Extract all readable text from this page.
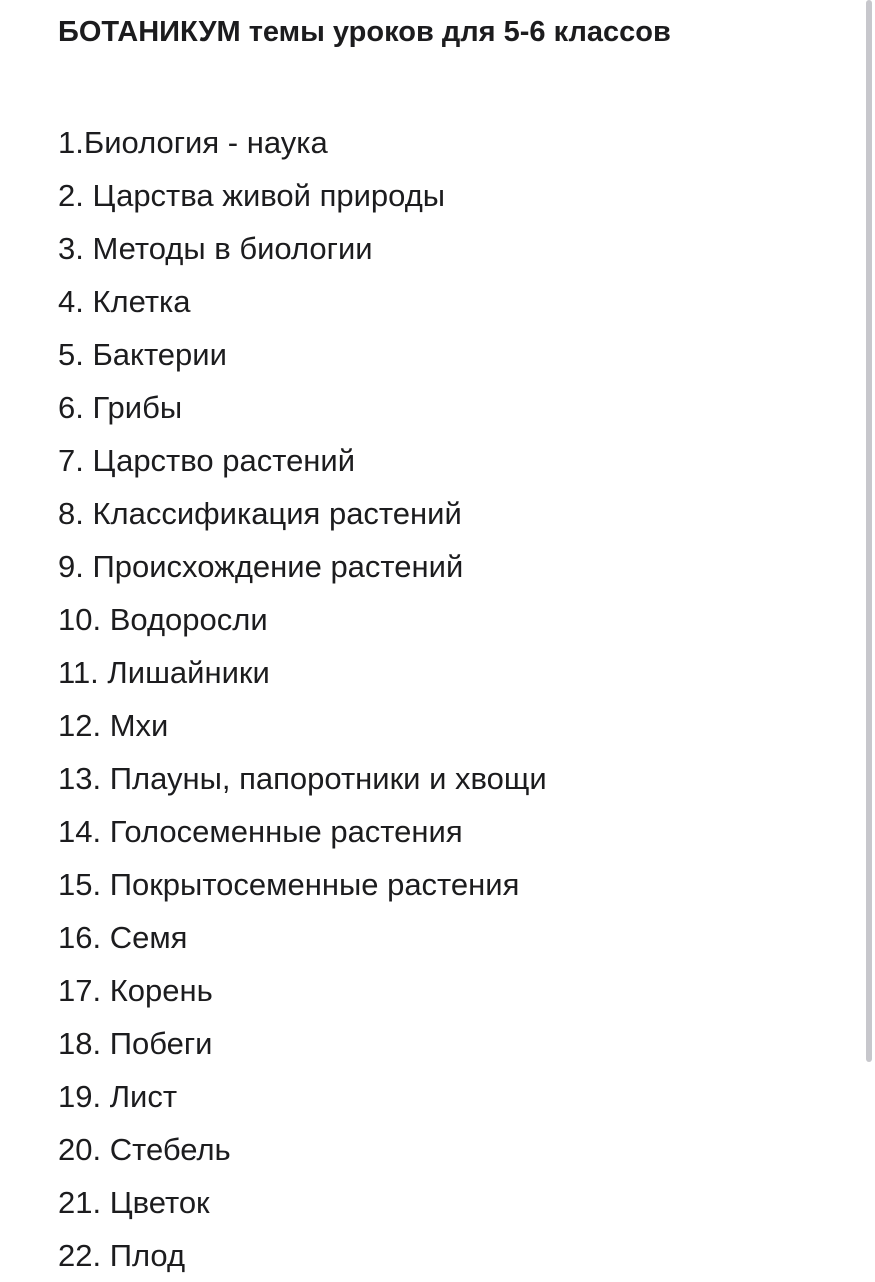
БОТАНИКУМ темы уроков для 5-6 классов
1.Биология - наука
2. Царства живой природы
3. Методы в биологии
4. Клетка
5. Бактерии
6. Грибы
7. Царство растений
8. Классификация растений
9. Происхождение растений
10. Водоросли
11. Лишайники
12. Мхи
13. Плауны, папоротники и хвощи
14. Голосеменные растения
15. Покрытосеменные растения
16. Семя
17. Корень
18. Побеги
19. Лист
20. Стебель
21. Цветок
22. Плод
